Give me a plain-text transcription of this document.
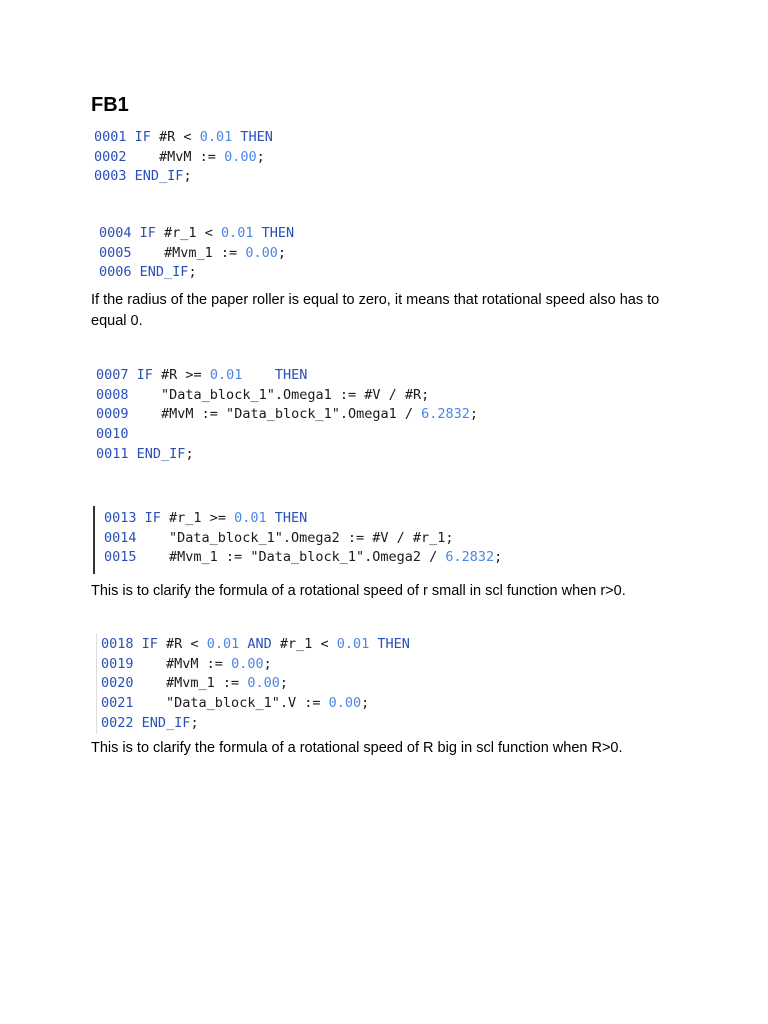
FB1
0001 IF #R < 0.01 THEN
0002    #MvM := 0.00;
0003 END_IF;
0004 IF #r_1 < 0.01 THEN
0005    #Mvm_1 := 0.00;
0006 END_IF;

If the radius of the paper roller is equal to zero, it means that rotational speed also has to equal 0.

0007 IF #R >= 0.01    THEN
0008    "Data_block_1".Omega1 := #V / #R;
0009    #MvM := "Data_block_1".Omega1 / 6.2832;
0010
0011 END_IF;
0013 IF #r_1 >= 0.01 THEN
0014    "Data_block_1".Omega2 := #V / #r_1;
0015    #Mvm_1 := "Data_block_1".Omega2 / 6.2832;

This is to clarify the formula of a rotational speed of r small in scl function when r>0.

0018 IF #R < 0.01 AND #r_1 < 0.01 THEN
0019    #MvM := 0.00;
0020    #Mvm_1 := 0.00;
0021    "Data_block_1".V := 0.00;
0022 END_IF;

This is to clarify the formula of a rotational speed of R big in scl function when R>0.
